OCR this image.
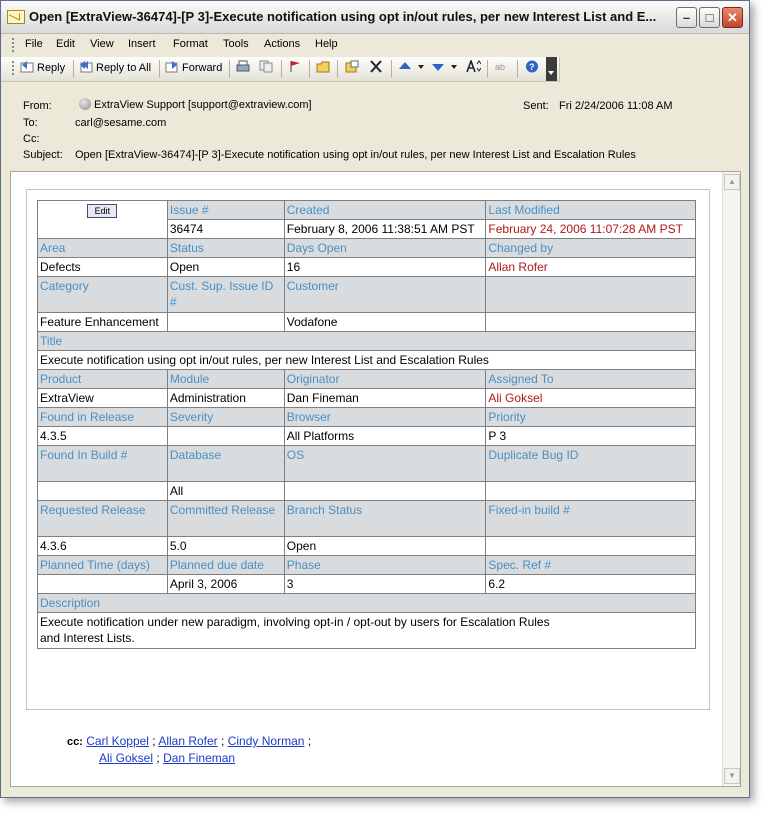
Open [ExtraView-36474]-[P 3]-Execute notification using opt in/out rules, per new Interest List and E...	–	□	✕
File Edit View Insert Format Tools Actions Help
Reply	Reply to All	Forward	ab	?
From:	ExtraView Support [support@extraview.com]
To:	carl@sesame.com
Cc:
Subject: Open [ExtraView-36474]-[P 3]-Execute notification using opt in/out rules, per new Interest List and Escalation Rules
Sent: Fri 2/24/2006 11:08 AM
▲
▼
Edit	Issue #	Created	Last Modified
	36474	February 8, 2006 11:38:51 AM PST	February 24, 2006 11:07:28 AM PST
Area	Status	Days Open	Changed by
Defects	Open	16	Allan Rofer
Category	Cust. Sup. Issue ID #	Customer	
Feature Enhancement		Vodafone	
Title			
Execute notification using opt in/out rules, per new Interest List and Escalation Rules			
Product	Module	Originator	Assigned To
ExtraView	Administration	Dan Fineman	Ali Goksel
Found in Release	Severity	Browser	Priority
4.3.5		All Platforms	P 3
Found In Build #	Database	OS	Duplicate Bug ID
	All		
Requested Release	Committed Release	Branch Status	Fixed-in build #
4.3.6	5.0	Open	
Planned Time (days)	Planned due date	Phase	Spec. Ref #
	April 3, 2006	3	6.2
Description			
Execute notification under new paradigm, involving opt-in / opt-out by users for Escalation Rules
and Interest Lists.			
cc: Carl Koppel ; Allan Rofer ; Cindy Norman ;
Ali Goksel ; Dan Fineman
